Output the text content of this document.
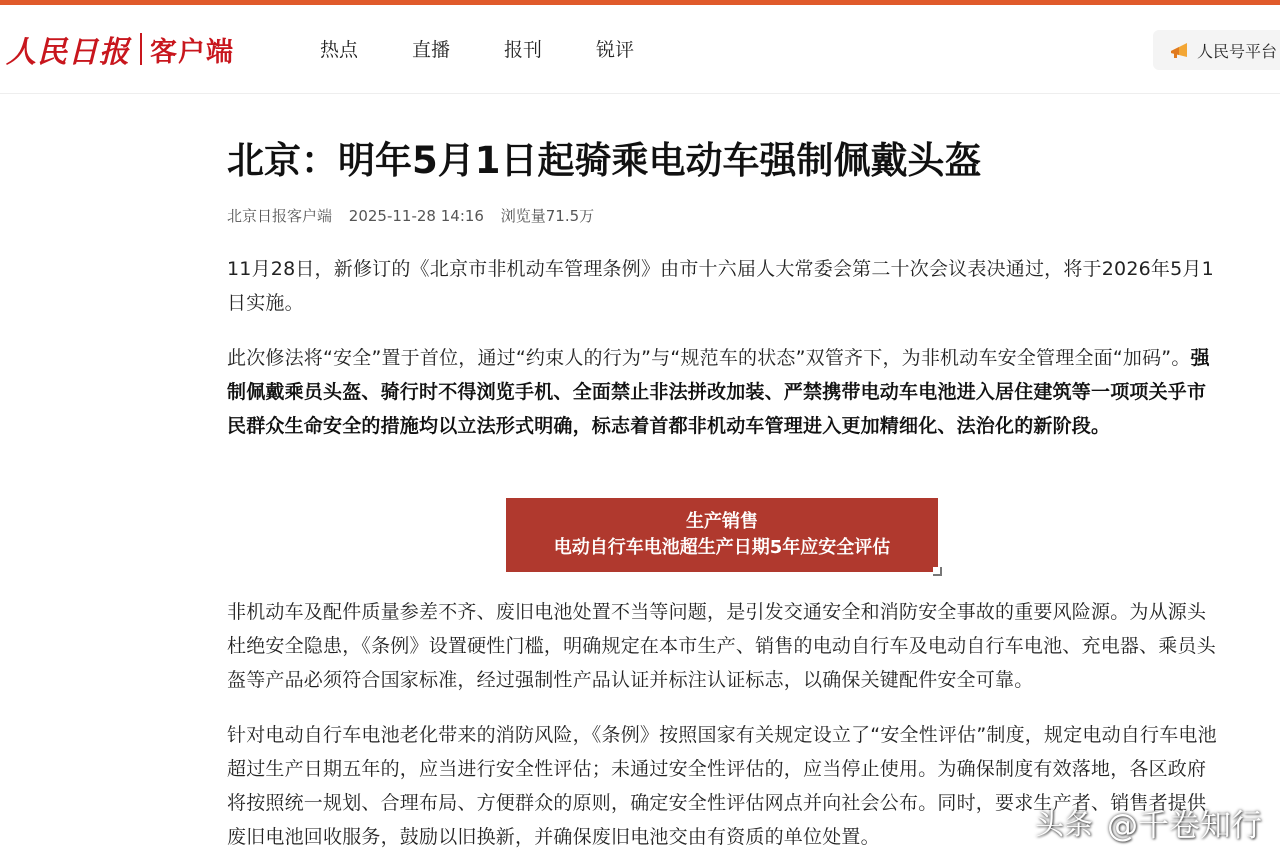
人民日报 客户端	热点	直播	报刊	锐评	人民号平台
北京：明年5月1日起骑乘电动车强制佩戴头盔
北京日报客户端 2025-11-28 14:16 浏览量71.5万

11月28日，新修订的《北京市非机动车管理条例》由市十六届人大常委会第二十次会议表决通过，将于2026年5月1日实施。

此次修法将“安全”置于首位，通过“约束人的行为”与“规范车的状态”双管齐下，为非机动车安全管理全面“加码”。强制佩戴乘员头盔、骑行时不得浏览手机、全面禁止非法拼改加装、严禁携带电动车电池进入居住建筑等一项项关乎市民群众生命安全的措施均以立法形式明确，标志着首都非机动车管理进入更加精细化、法治化的新阶段。

生产销售
电动自行车电池超生产日期5年应安全评估

非机动车及配件质量参差不齐、废旧电池处置不当等问题，是引发交通安全和消防安全事故的重要风险源。为从源头杜绝安全隐患，《条例》设置硬性门槛，明确规定在本市生产、销售的电动自行车及电动自行车电池、充电器、乘员头盔等产品必须符合国家标准，经过强制性产品认证并标注认证标志，以确保关键配件安全可靠。

针对电动自行车电池老化带来的消防风险，《条例》按照国家有关规定设立了“安全性评估”制度，规定电动自行车电池超过生产日期五年的，应当进行安全性评估；未通过安全性评估的，应当停止使用。为确保制度有效落地，各区政府将按照统一规划、合理布局、方便群众的原则，确定安全性评估网点并向社会公布。同时，要求生产者、销售者提供废旧电池回收服务，鼓励以旧换新，并确保废旧电池交由有资质的单位处置。	头条 @千卷知行
